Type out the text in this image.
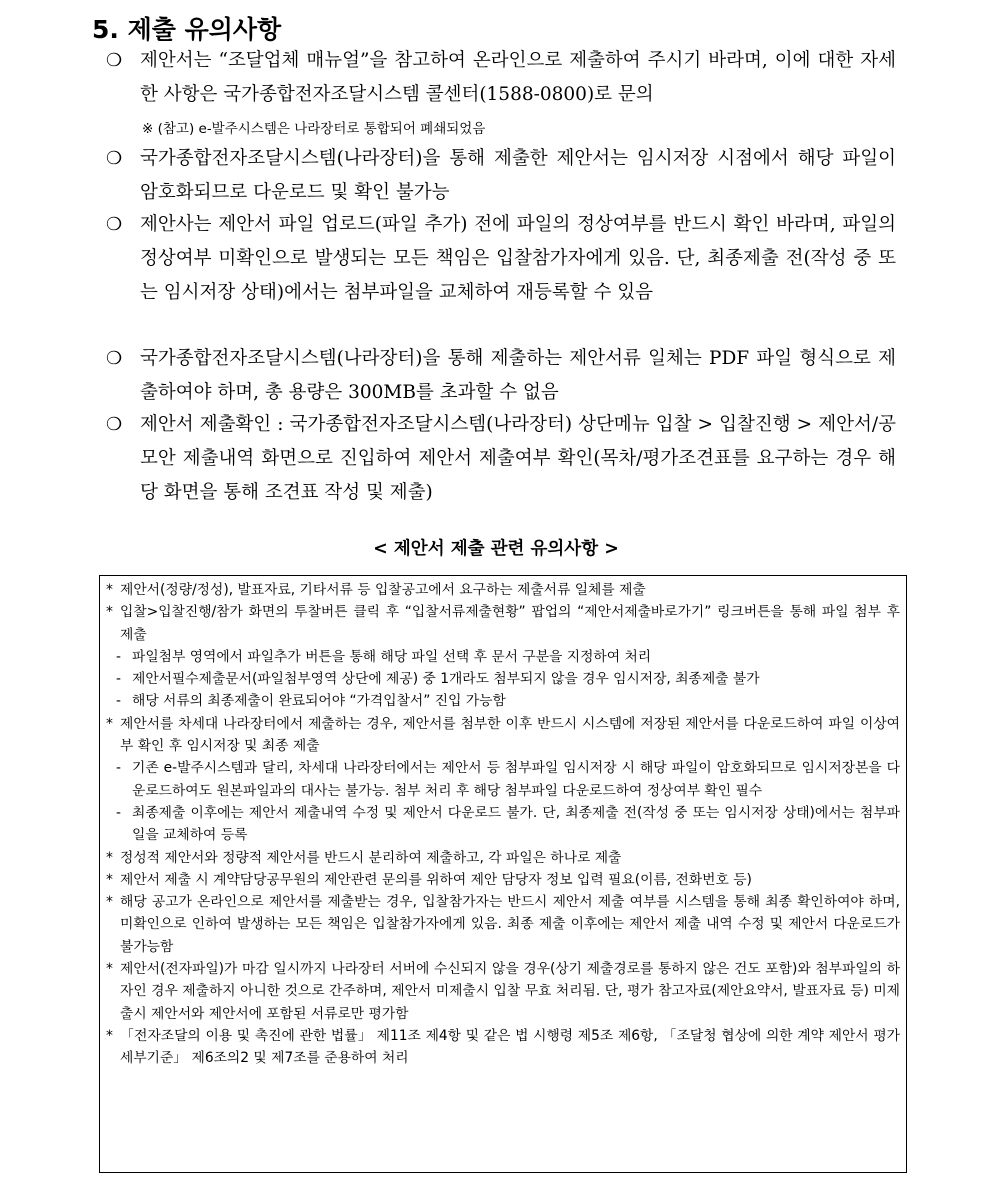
5. 제출 유의사항
❍ 제안서는 “조달업체 매뉴얼”을 참고하여 온라인으로 제출하여 주시기 바라며, 이에 대한 자세한 사항은 국가종합전자조달시스템 콜센터(1588-0800)로 문의
※ (참고) e-발주시스템은 나라장터로 통합되어 폐쇄되었음
❍ 국가종합전자조달시스템(나라장터)을 통해 제출한 제안서는 임시저장 시점에서 해당 파일이 암호화되므로 다운로드 및 확인 불가능
❍ 제안사는 제안서 파일 업로드(파일 추가) 전에 파일의 정상여부를 반드시 확인 바라며, 파일의 정상여부 미확인으로 발생되는 모든 책임은 입찰참가자에게 있음. 단, 최종제출 전(작성 중 또는 임시저장 상태)에서는 첨부파일을 교체하여 재등록할 수 있음
❍ 국가종합전자조달시스템(나라장터)을 통해 제출하는 제안서류 일체는 PDF 파일 형식으로 제출하여야 하며, 총 용량은 300MB를 초과할 수 없음
❍ 제안서 제출확인 : 국가종합전자조달시스템(나라장터) 상단메뉴 입찰 > 입찰진행 > 제안서/공모안 제출내역 화면으로 진입하여 제안서 제출여부 확인(목차/평가조견표를 요구하는 경우 해당 화면을 통해 조견표 작성 및 제출)
< 제안서 제출 관련 유의사항 >
* 제안서(정량/정성), 발표자료, 기타서류 등 입찰공고에서 요구하는 제출서류 일체를 제출
* 입찰>입찰진행/참가 화면의 투찰버튼 클릭 후 “입찰서류제출현황” 팝업의 “제안서제출바로가기” 링크버튼을 통해 파일 첨부 후 제출
- 파일첨부 영역에서 파일추가 버튼을 통해 해당 파일 선택 후 문서 구분을 지정하여 처리
- 제안서필수제출문서(파일첨부영역 상단에 제공) 중 1개라도 첨부되지 않을 경우 임시저장, 최종제출 불가
- 해당 서류의 최종제출이 완료되어야 “가격입찰서” 진입 가능함
* 제안서를 차세대 나라장터에서 제출하는 경우, 제안서를 첨부한 이후 반드시 시스템에 저장된 제안서를 다운로드하여 파일 이상여부 확인 후 임시저장 및 최종 제출
- 기존 e-발주시스템과 달리, 차세대 나라장터에서는 제안서 등 첨부파일 임시저장 시 해당 파일이 암호화되므로 임시저장본을 다운로드하여도 원본파일과의 대사는 불가능. 첨부 처리 후 해당 첨부파일 다운로드하여 정상여부 확인 필수
- 최종제출 이후에는 제안서 제출내역 수정 및 제안서 다운로드 불가. 단, 최종제출 전(작성 중 또는 임시저장 상태)에서는 첨부파일을 교체하여 등록
* 정성적 제안서와 정량적 제안서를 반드시 분리하여 제출하고, 각 파일은 하나로 제출
* 제안서 제출 시 계약담당공무원의 제안관련 문의를 위하여 제안 담당자 정보 입력 필요(이름, 전화번호 등)
* 해당 공고가 온라인으로 제안서를 제출받는 경우, 입찰참가자는 반드시 제안서 제출 여부를 시스템을 통해 최종 확인하여야 하며, 미확인으로 인하여 발생하는 모든 책임은 입찰참가자에게 있음. 최종 제출 이후에는 제안서 제출 내역 수정 및 제안서 다운로드가 불가능함
* 제안서(전자파일)가 마감 일시까지 나라장터 서버에 수신되지 않을 경우(상기 제출경로를 통하지 않은 건도 포함)와 첨부파일의 하자인 경우 제출하지 아니한 것으로 간주하며, 제안서 미제출시 입찰 무효 처리됨. 단, 평가 참고자료(제안요약서, 발표자료 등) 미제출시 제안서와 제안서에 포함된 서류로만 평가함
* 「전자조달의 이용 및 촉진에 관한 법률」 제11조 제4항 및 같은 법 시행령 제5조 제6항, 「조달청 협상에 의한 계약 제안서 평가 세부기준」 제6조의2 및 제7조를 준용하여 처리
